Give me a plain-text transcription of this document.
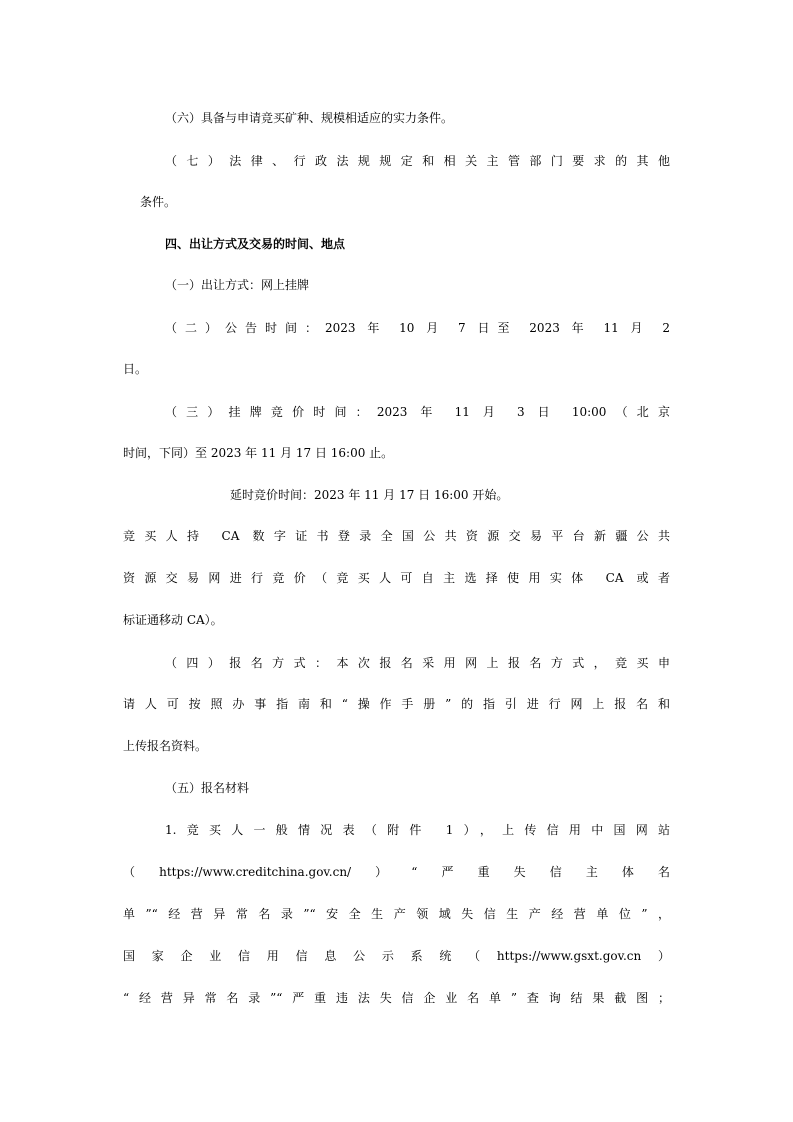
（六）具备与申请竞买矿种、规模相适应的实力条件。
（七）法律、行政法规规定和相关主管部门要求的其他
条件。
四、出让方式及交易的时间、地点
（一）出让方式：网上挂牌
（二）公告时间：2023 年 10 月 7 日至 2023 年 11 月 2
日。
（三）挂牌竞价时间：2023 年 11 月 3 日 10:00（北京
时间，下同）至 2023 年 11 月 17 日 16:00 止。
延时竞价时间：2023 年 11 月 17 日 16:00 开始。
竞买人持 CA 数字证书登录全国公共资源交易平台新疆公共
资源交易网进行竞价（竞买人可自主选择使用实体 CA 或者
标证通移动 CA）。
（四）报名方式：本次报名采用网上报名方式，竞买申
请人可按照办事指南和“操作手册”的指引进行网上报名和
上传报名资料。
（五）报名材料
1.竞买人一般情况表（附件 1），上传信用中国网站
（https://www.creditchina.gov.cn/）“严重失信主体名
单”“经营异常名录”“安全生产领域失信生产经营单位”，
国家企业信用信息公示系统（https://www.gsxt.gov.cn）
“经营异常名录”“严重违法失信企业名单”查询结果截图；
